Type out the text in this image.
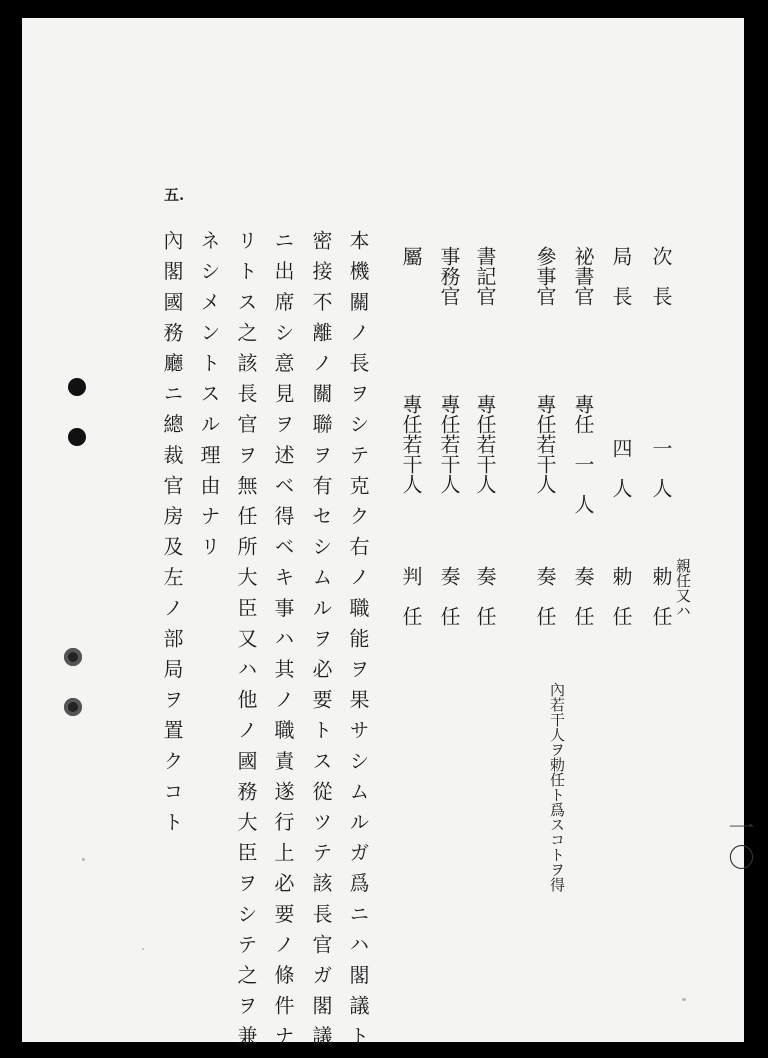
一〇
次　長
局　長
祕書官
參事官
書記官
事務官
屬
一　人
四　人
專任　一　人
專任若干人
專任若干人
專任若干人
專任若干人
勅　任
勅　任
奏　任
奏　任
奏　任
奏　任
判　任	親任又ハ
內若干人ヲ勅任ト爲スコトヲ得
本機關ノ長ヲシテ克ク右ノ職能ヲ果サシムルガ爲ニハ閣議ト
密接不離ノ關聯ヲ有セシムルヲ必要トス從ツテ該長官ガ閣議
ニ出席シ意見ヲ述ベ得ベキ事ハ其ノ職責遂行上必要ノ條件ナ
リトス之該長官ヲ無任所大臣又ハ他ノ國務大臣ヲシテ之ヲ兼
ネシメントスル理由ナリ
內閣國務廳ニ總裁官房及左ノ部局ヲ置クコト
五.
